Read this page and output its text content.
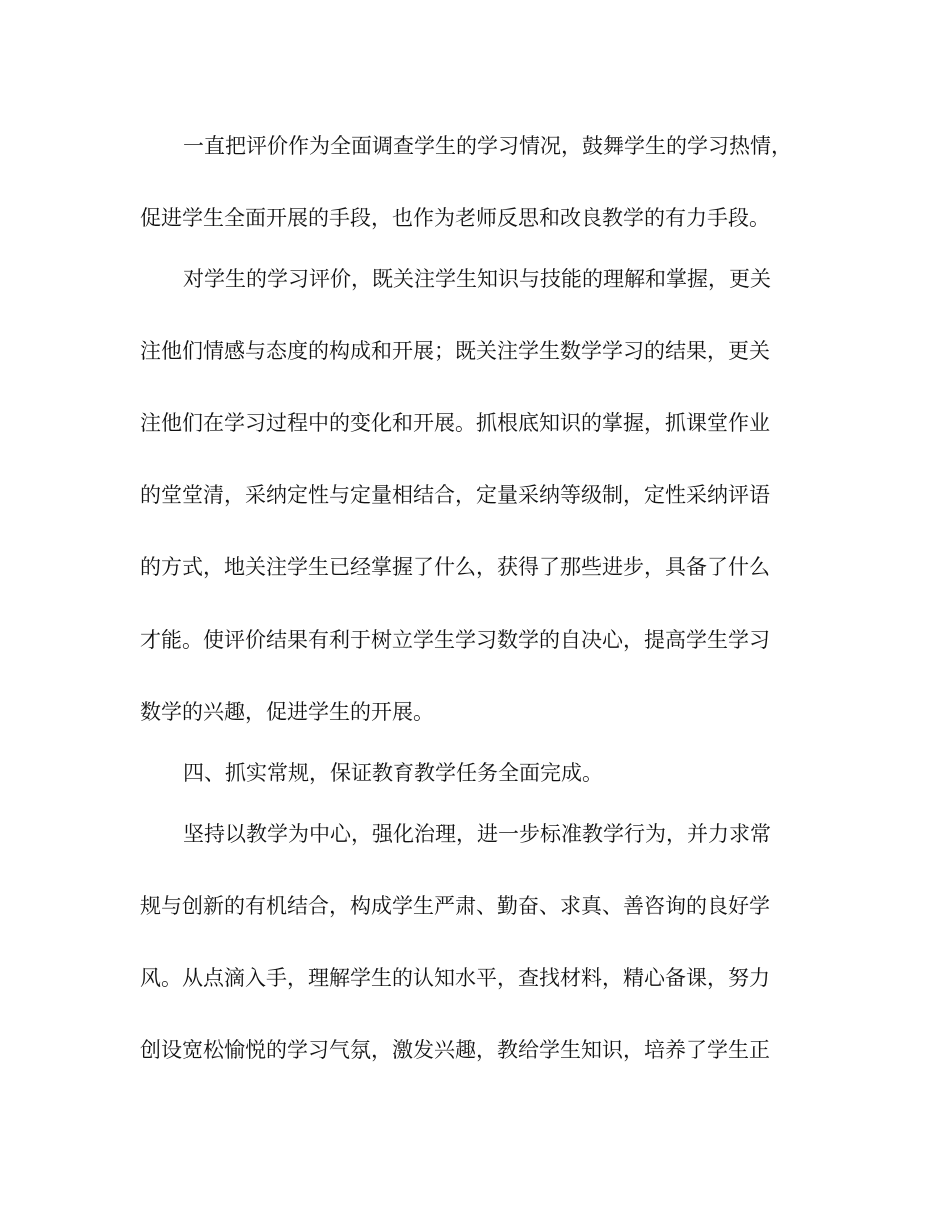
一直把评价作为全面调查学生的学习情况，鼓舞学生的学习热情，
促进学生全面开展的手段，也作为老师反思和改良教学的有力手段。
对学生的学习评价，既关注学生知识与技能的理解和掌握，更关
注他们情感与态度的构成和开展；既关注学生数学学习的结果，更关
注他们在学习过程中的变化和开展。抓根底知识的掌握，抓课堂作业
的堂堂清，采纳定性与定量相结合，定量采纳等级制，定性采纳评语
的方式，地关注学生已经掌握了什么，获得了那些进步，具备了什么
才能。使评价结果有利于树立学生学习数学的自决心，提高学生学习
数学的兴趣，促进学生的开展。
四、抓实常规，保证教育教学任务全面完成。
坚持以教学为中心，强化治理，进一步标准教学行为，并力求常
规与创新的有机结合，构成学生严肃、勤奋、求真、善咨询的良好学
风。从点滴入手，理解学生的认知水平，查找材料，精心备课，努力
创设宽松愉悦的学习气氛，激发兴趣，教给学生知识，培养了学生正
